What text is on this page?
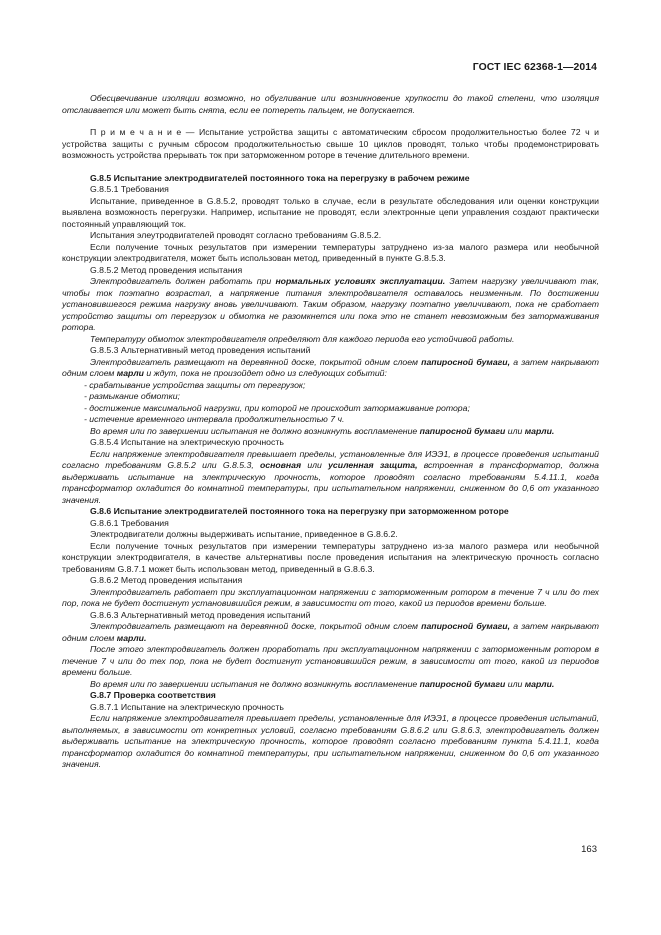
ГОСТ IEC 62368-1—2014

Обесцвечивание изоляции возможно, но обугливание или возникновение хрупкости до такой степени, что изоляция отслаивается или может быть снята, если ее потереть пальцем, не допускается.

П р и м е ч а н и е — Испытание устройства защиты с автоматическим сбросом продолжительностью более 72 ч и устройства защиты с ручным сбросом продолжительностью свыше 10 циклов проводят, только чтобы продемонстрировать возможность устройства прерывать ток при заторможенном роторе в течение длительного времени.

G.8.5 Испытание электродвигателей постоянного тока на перегрузку в рабочем режиме

G.8.5.1 Требования

Испытание, приведенное в G.8.5.2, проводят только в случае, если в результате обследования или оценки конструкции выявлена возможность перегрузки. Например, испытание не проводят, если электронные цепи управления создают практически постоянный управляющий ток.

Испытания элеутродвигателей проводят согласно требованиям G.8.5.2.

Если получение точных результатов при измерении температуры затруднено из-за малого размера или необычной конструкции электродвигателя, может быть использован метод, приведенный в пункте G.8.5.3.

G.8.5.2 Метод проведения испытания

Электродвигатель должен работать при нормальных условиях эксплуатации. Затем нагрузку увеличивают так, чтобы ток поэтапно возрастал, а напряжение питания электродвигателя оставалось неизменным. По достижении установившегося режима нагрузку вновь увеличивают. Таким образом, нагрузку поэтапно увеличивают, пока не сработает устройство защиты от перегрузок и обмотка не разомкнется или пока это не станет невозможным без затормаживания ротора.

Температуру обмоток электродвигателя определяют для каждого периода его устойчивой работы.

G.8.5.3 Альтернативный метод проведения испытаний

Электродвигатель размещают на деревянной доске, покрытой одним слоем папиросной бумаги, а затем накрывают одним слоем марли и ждут, пока не произойдет одно из следующих событий:

- срабатывание устройства защиты от перегрузок;

- размыкание обмотки;

- достижение максимальной нагрузки, при которой не происходит затормаживание ротора;

- истечение временного интервала продолжительностью 7 ч.

Во время или по завершении испытания не должно возникнуть воспламенение папиросной бумаги или марли.

G.8.5.4 Испытание на электрическую прочность

Если напряжение электродвигателя превышает пределы, установленные для ИЭЭ1, в процессе проведения испытаний согласно требованиям G.8.5.2 или G.8.5.3, основная или усиленная защита, встроенная в трансформатор, должна выдерживать испытание на электрическую прочность, которое проводят согласно требованиям 5.4.11.1, когда трансформатор охладится до комнатной температуры, при испытательном напряжении, сниженном до 0,6 от указанного значения.

G.8.6 Испытание электродвигателей постоянного тока на перегрузку при заторможенном роторе

G.8.6.1 Требования

Электродвигатели должны выдерживать испытание, приведенное в G.8.6.2.

Если получение точных результатов при измерении температуры затруднено из-за малого размера или необычной конструкции электродвигателя, в качестве альтернативы после проведения испытания на электрическую прочность согласно требованиям G.8.7.1 может быть использован метод, приведенный в G.8.6.3.

G.8.6.2 Метод проведения испытания

Электродвигатель работает при эксплуатационном напряжении с заторможенным ротором в течение 7 ч или до тех пор, пока не будет достигнут установившийся режим, в зависимости от того, какой из периодов времени больше.

G.8.6.3 Альтернативный метод проведения испытаний

Электродвигатель размещают на деревянной доске, покрытой одним слоем папиросной бумаги, а затем накрывают одним слоем марли.

После этого электродвигатель должен проработать при эксплуатационном напряжении с заторможенным ротором в течение 7 ч или до тех пор, пока не будет достигнут установившийся режим, в зависимости от того, какой из периодов времени больше.

Во время или по завершении испытания не должно возникнуть воспламенение папиросной бумаги или марли.

G.8.7 Проверка соответствия

G.8.7.1 Испытание на электрическую прочность

Если напряжение электродвигателя превышает пределы, установленные для ИЭЭ1, в процессе проведения испытаний, выполняемых, в зависимости от конкретных условий, согласно требованиям G.8.6.2 или G.8.6.3, электродвигатель должен выдерживать испытание на электрическую прочность, которое проводят согласно требованиям пункта 5.4.11.1, когда трансформатор охладится до комнатной температуры, при испытательном напряжении, сниженном до 0,6 от указанного значения.

163
